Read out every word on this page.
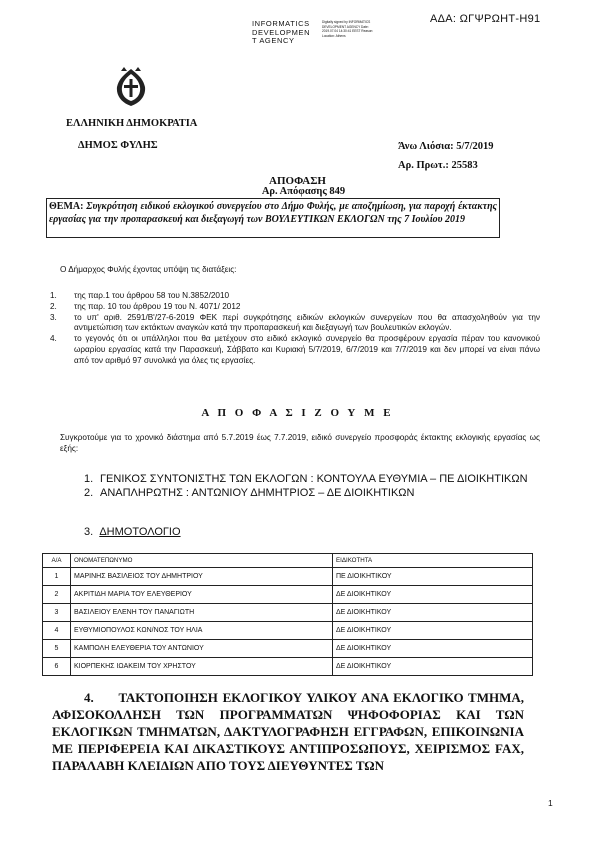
ΑΔΑ: ΩΓΨΡΩΗΤ-Η91
INFORMATICS
DEVELOPMEN
T AGENCY
Digitally signed by INFORMATICS DEVELOPMENT AGENCY Date: 2019.07.04 14:30:41 EEST Reason: Location: Athens
ΕΛΛΗΝΙΚΗ ΔΗΜΟΚΡΑΤΙΑ
ΔΗΜΟΣ ΦΥΛΗΣ	Άνω Λιόσια: 5/7/2019
Αρ. Πρωτ.: 25583
ΑΠΟΦΑΣΗ
Αρ. Απόφασης 849

ΘΕΜΑ: Συγκρότηση ειδικού εκλογικού συνεργείου στο Δήμο Φυλής, με αποζημίωση, για παροχή έκτακτης εργασίας για την προπαρασκευή και διεξαγωγή των ΒΟΥΛΕΥΤΙΚΩΝ ΕΚΛΟΓΩΝ της 7 Ιουλίου 2019

Ο Δήμαρχος Φυλής έχοντας υπόψη τις διατάξεις:
1. της παρ.1 του άρθρου 58 του Ν.3852/2010
2. της παρ. 10 του άρθρου 19 του Ν. 4071/ 2012
3. το υπ' αριθ. 2591/Β'/27-6-2019 ΦΕΚ περί συγκρότησης ειδικών εκλογικών συνεργείων που θα απασχοληθούν για την αντιμετώπιση των εκτάκτων αναγκών κατά την προπαρασκευή και διεξαγωγή των βουλευτικών εκλογών.
4. το γεγονός ότι οι υπάλληλοι που θα μετέχουν στο ειδικό εκλογικό συνεργείο θα προσφέρουν εργασία πέραν του κανονικού ωραρίου εργασίας κατά την Παρασκευή, Σάββατο και Κυριακή 5/7/2019, 6/7/2019 και 7/7/2019 και δεν μπορεί να είναι πάνω από τον αριθμό 97 συνολικά για όλες τις εργασίες.
Α Π Ο Φ Α Σ Ι Ζ Ο Υ Μ Ε
Συγκροτούμε για το χρονικό διάστημα από 5.7.2019 έως 7.7.2019, ειδικό συνεργείο προσφοράς έκτακτης εκλογικής εργασίας ως εξής:
1. ΓΕΝΙΚΟΣ ΣΥΝΤΟΝΙΣΤΗΣ ΤΩΝ ΕΚΛΟΓΩΝ : ΚΟΝΤΟΥΛΑ ΕΥΘΥΜΙΑ – ΠΕ ΔΙΟΙΚΗΤΙΚΩΝ
2. ΑΝΑΠΛΗΡΩΤΗΣ : ΑΝΤΩΝΙΟΥ ΔΗΜΗΤΡΙΟΣ – ΔΕ ΔΙΟΙΚΗΤΙΚΩΝ
3. ΔΗΜΟΤΟΛΟΓΙΟ
Α/Α	ΟΝΟΜΑΤΕΠΩΝΥΜΟ	ΕΙΔΙΚΟΤΗΤΑ
1	ΜΑΡΙΝΗΣ ΒΑΣΙΛΕΙΟΣ ΤΟΥ ΔΗΜΗΤΡΙΟΥ	ΠΕ ΔΙΟΙΚΗΤΙΚΟΥ
2	ΑΚΡΙΤΙΔΗ ΜΑΡΙΑ ΤΟΥ ΕΛΕΥΘΕΡΙΟΥ	ΔΕ ΔΙΟΙΚΗΤΙΚΟΥ
3	ΒΑΣΙΛΕΙΟΥ ΕΛΕΝΗ ΤΟΥ ΠΑΝΑΓΙΩΤΗ	ΔΕ ΔΙΟΙΚΗΤΙΚΟΥ
4	ΕΥΘΥΜΙΟΠΟΥΛΟΣ ΚΩΝ/ΝΟΣ ΤΟΥ ΗΛΙΑ	ΔΕ ΔΙΟΙΚΗΤΙΚΟΥ
5	ΚΑΜΠΟΛΗ ΕΛΕΥΘΕΡΙΑ ΤΟΥ ΑΝΤΩΝΙΟΥ	ΔΕ ΔΙΟΙΚΗΤΙΚΟΥ
6	ΚΙΟΡΠΕΚΗΣ ΙΩΑΚΕΙΜ ΤΟΥ ΧΡΗΣΤΟΥ	ΔΕ ΔΙΟΙΚΗΤΙΚΟΥ
4. ΤΑΚΤΟΠΟΙΗΣΗ ΕΚΛΟΓΙΚΟΥ ΥΛΙΚΟΥ ΑΝΑ ΕΚΛΟΓΙΚΟ ΤΜΗΜΑ, ΑΦΙΣΟΚΟΛΛΗΣΗ ΤΩΝ ΠΡΟΓΡΑΜΜΑΤΩΝ ΨΗΦΟΦΟΡΙΑΣ ΚΑΙ ΤΩΝ ΕΚΛΟΓΙΚΩΝ ΤΜΗΜΑΤΩΝ, ΔΑΚΤΥΛΟΓΡΑΦΗΣΗ ΕΓΓΡΑΦΩΝ, ΕΠΙΚΟΙΝΩΝΙΑ ΜΕ ΠΕΡΙΦΕΡΕΙΑ ΚΑΙ ΔΙΚΑΣΤΙΚΟΥΣ ΑΝΤΙΠΡΟΣΩΠΟΥΣ, ΧΕΙΡΙΣΜΟΣ FAX, ΠΑΡΑΛΑΒΗ ΚΛΕΙΔΙΩΝ ΑΠΟ ΤΟΥΣ ΔΙΕΥΘΥΝΤΕΣ ΤΩΝ
1
